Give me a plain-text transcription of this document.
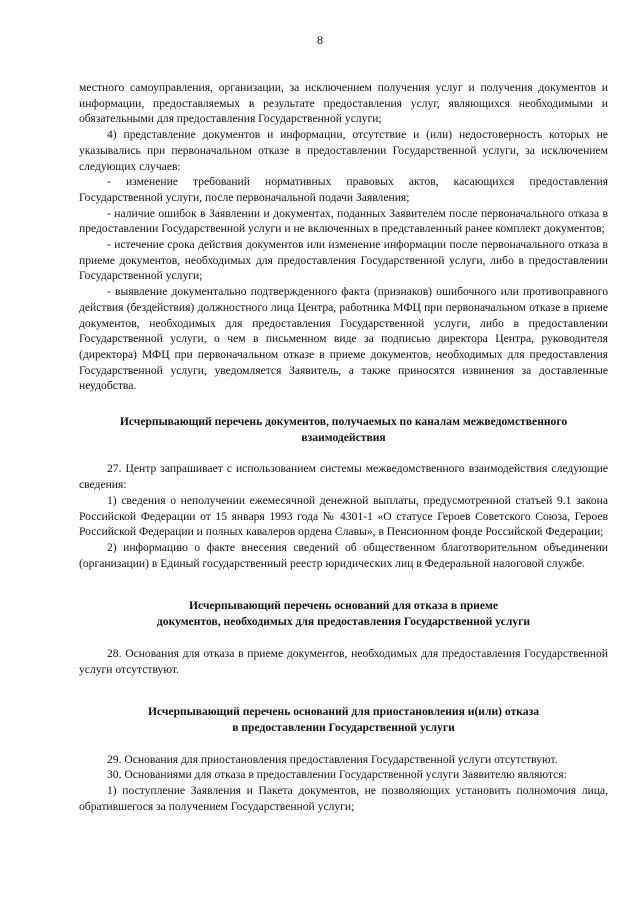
8

местного самоуправления, организации, за исключением получения услуг и получения документов и информации, предоставляемых в результате предоставления услуг, являющихся необходимыми и обязательными для предоставления Государственной услуги;

4) представление документов и информации, отсутствие и (или) недостоверность которых не указывались при первоначальном отказе в предоставлении Государственной услуги, за исключением следующих случаев:

- изменение требований нормативных правовых актов, касающихся предоставления Государственной услуги, после первоначальной подачи Заявления;

- наличие ошибок в Заявлении и документах, поданных Заявителем после первоначального отказа в предоставлении Государственной услуги и не включенных в представленный ранее комплект документов;

- истечение срока действия документов или изменение информации после первоначального отказа в приеме документов, необходимых для предоставления Государственной услуги, либо в предоставлении Государственной услуги;

- выявление документально подтвержденного факта (признаков) ошибочного или противоправного действия (бездействия) должностного лица Центра, работника МФЦ при первоначальном отказе в приеме документов, необходимых для предоставления Государственной услуги, либо в предоставлении Государственной услуги, о чем в письменном виде за подписью директора Центра, руководителя (директора) МФЦ при первоначальном отказе в приеме документов, необходимых для предоставления Государственной услуги, уведомляется Заявитель, а также приносятся извинения за доставленные неудобства.

Исчерпывающий перечень документов, получаемых по каналам межведомственного

взаимодействия

27. Центр запрашивает с использованием системы межведомственного взаимодействия следующие сведения:

1) сведения о неполучении ежемесячной денежной выплаты, предусмотренной статьей 9.1 закона Российской Федерации от 15 января 1993 года № 4301-1 «О статусе Героев Советского Союза, Героев Российской Федерации и полных кавалеров ордена Славы», в Пенсионном фонде Российской Федерации;

2) информацию о факте внесения сведений об общественном благотворительном объединении (организации) в Единый государственный реестр юридических лиц в Федеральной налоговой службе.

Исчерпывающий перечень оснований для отказа в приеме

документов, необходимых для предоставления Государственной услуги

28. Основания для отказа в приеме документов, необходимых для предоставления Государственной услуги отсутствуют.

Исчерпывающий перечень оснований для приостановления и(или) отказа

в предоставлении Государственной услуги

29. Основания для приостановления предоставления Государственной услуги отсутствуют.

30. Основаниями для отказа в предоставлении Государственной услуги Заявителю являются:

1) поступление Заявления и Пакета документов, не позволяющих установить полномочия лица, обратившегося за получением Государственной услуги;
